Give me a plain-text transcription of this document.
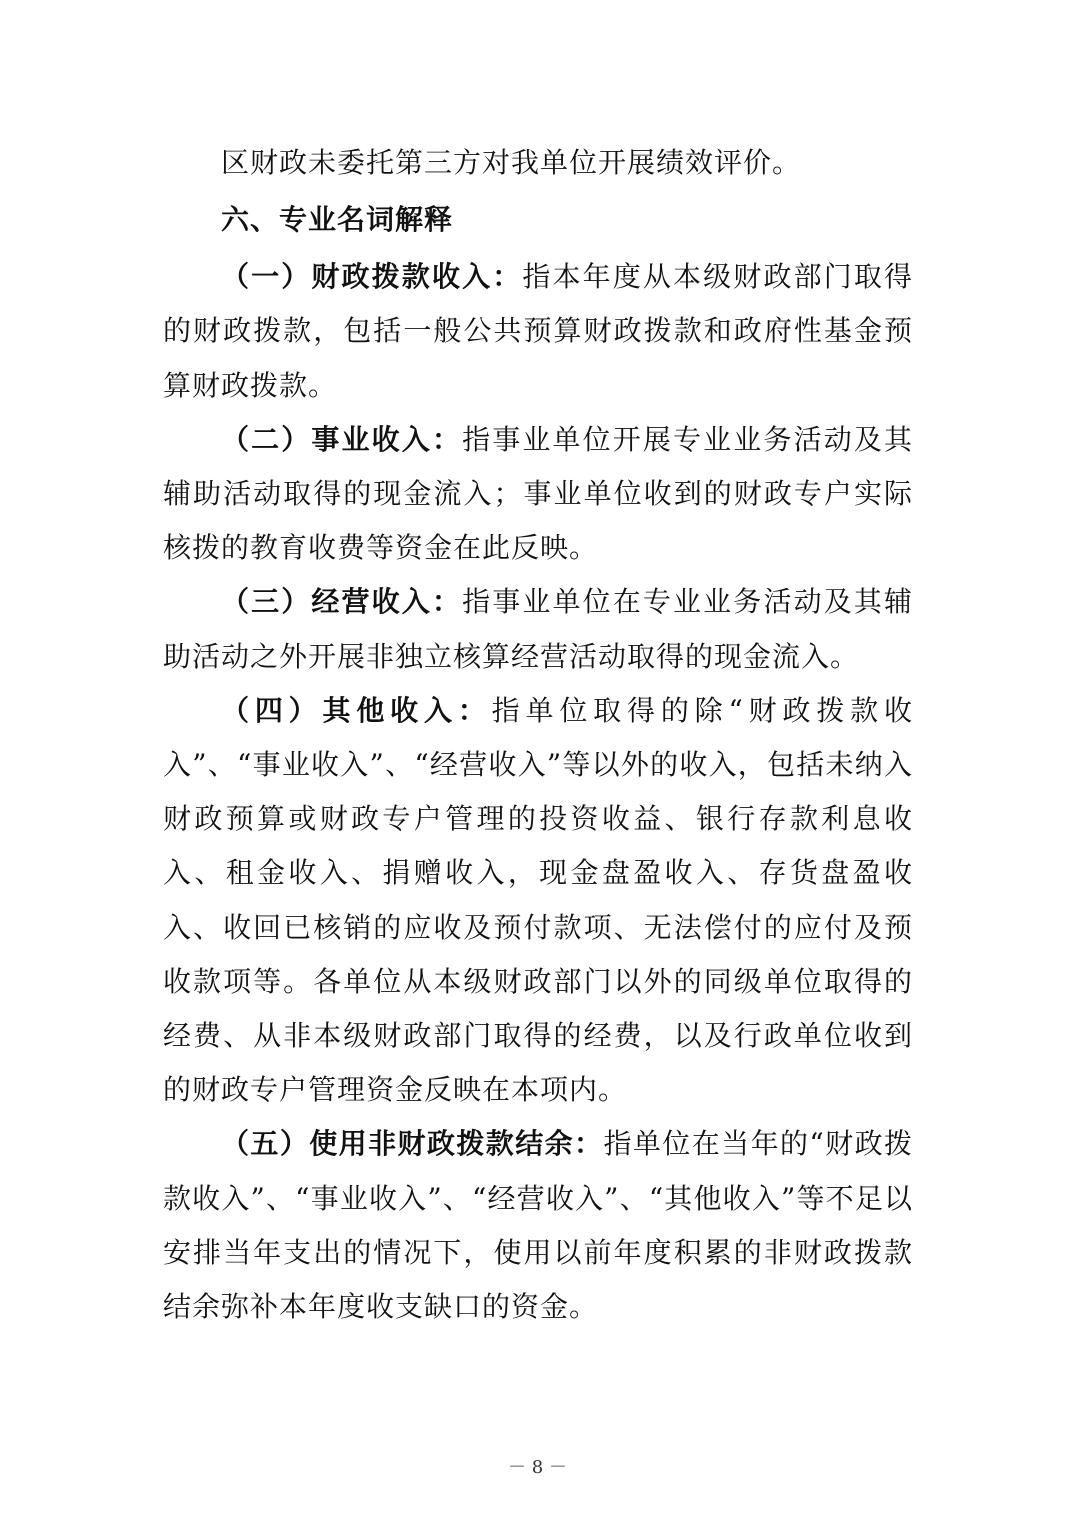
区财政未委托第三方对我单位开展绩效评价。

六、专业名词解释

（一）财政拨款收入：指本年度从本级财政部门取得的财政拨款，包括一般公共预算财政拨款和政府性基金预算财政拨款。

（二）事业收入：指事业单位开展专业业务活动及其辅助活动取得的现金流入；事业单位收到的财政专户实际核拨的教育收费等资金在此反映。

（三）经营收入：指事业单位在专业业务活动及其辅助活动之外开展非独立核算经营活动取得的现金流入。

（四）其他收入：指单位取得的除“财政拨款收入”、“事业收入”、“经营收入”等以外的收入，包括未纳入财政预算或财政专户管理的投资收益、银行存款利息收入、租金收入、捐赠收入，现金盘盈收入、存货盘盈收入、收回已核销的应收及预付款项、无法偿付的应付及预收款项等。各单位从本级财政部门以外的同级单位取得的经费、从非本级财政部门取得的经费，以及行政单位收到的财政专户管理资金反映在本项内。

（五）使用非财政拨款结余：指单位在当年的“财政拨款收入”、“事业收入”、“经营收入”、“其他收入”等不足以安排当年支出的情况下，使用以前年度积累的非财政拨款结余弥补本年度收支缺口的资金。

－ 8 －
